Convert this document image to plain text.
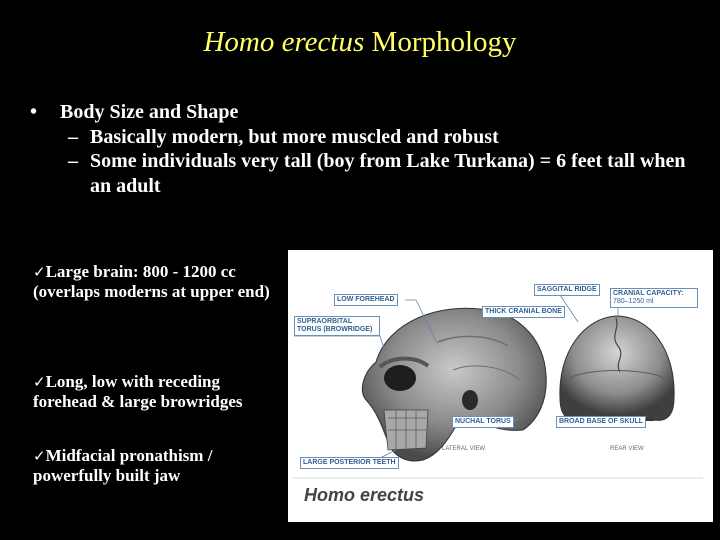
Homo erectus Morphology
• Body Size and Shape
– Basically modern, but more muscled and robust
– Some individuals very tall (boy from Lake Turkana) = 6 feet tall when an adult
✓Large brain: 800 - 1200 cc (overlaps moderns at upper end)
✓Long, low with receding forehead & large browridges
✓Midfacial pronathism / powerfully built jaw
LOW FOREHEAD
SUPRAORBITAL TORUS (BROWRIDGE)
THICK CRANIAL BONE
SAGGITAL RIDGE
CRANIAL CAPACITY:
780–1250 ml
NUCHAL TORUS	BROAD BASE OF SKULL
LARGE POSTERIOR TEETH
LATERAL VIEW	REAR VIEW
Homo erectus
